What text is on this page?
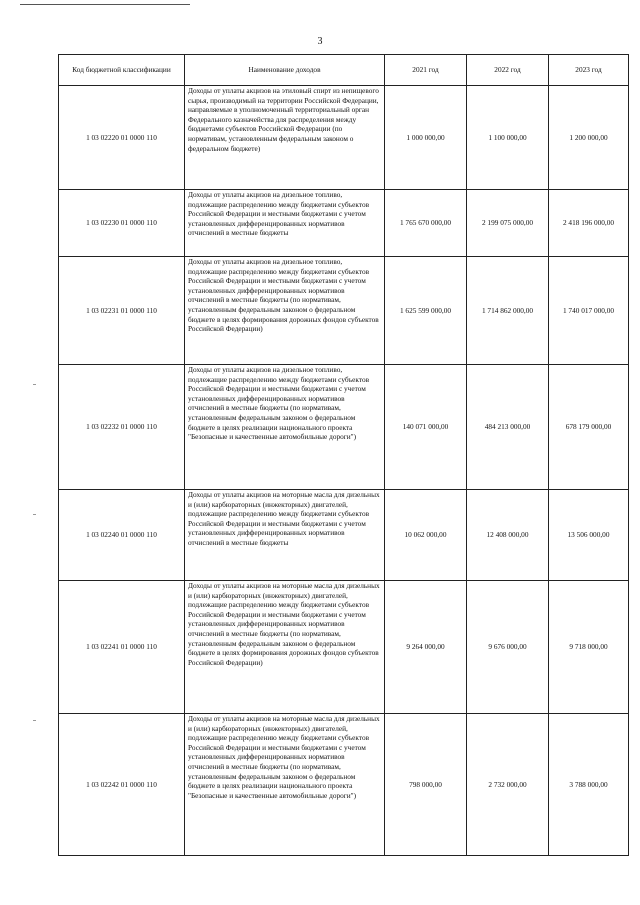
3
Код бюджетной классификации	Наименование доходов	2021 год	2022 год	2023 год
1 03 02220 01 0000 110	Доходы от уплаты акцизов на этиловый спирт из непищевого сырья, производимый на территории Российской Федерации, направляемые в уполномоченный территориальный орган Федерального казначейства для распределения между бюджетами субъектов Российской Федерации (по нормативам, установленным федеральным законом о федеральном бюджете)	1 000 000,00	1 100 000,00	1 200 000,00
1 03 02230 01 0000 110	Доходы от уплаты акцизов на дизельное топливо, подлежащие распределению между бюджетами субъектов Российской Федерации и местными бюджетами с учетом установленных дифференцированных нормативов отчислений в местные бюджеты	1 765 670 000,00	2 199 075 000,00	2 418 196 000,00
1 03 02231 01 0000 110	Доходы от уплаты акцизов на дизельное топливо, подлежащие распределению между бюджетами субъектов Российской Федерации и местными бюджетами с учетом установленных дифференцированных нормативов отчислений в местные бюджеты (по нормативам, установленным федеральным законом о федеральном бюджете в целях формирования дорожных фондов субъектов Российской Федерации)	1 625 599 000,00	1 714 862 000,00	1 740 017 000,00
1 03 02232 01 0000 110	Доходы от уплаты акцизов на дизельное топливо, подлежащие распределению между бюджетами субъектов Российской Федерации и местными бюджетами с учетом установленных дифференцированных нормативов отчислений в местные бюджеты (по нормативам, установленным федеральным законом о федеральном бюджете в целях реализации национального проекта "Безопасные и качественные автомобильные дороги")	140 071 000,00	484 213 000,00	678 179 000,00
1 03 02240 01 0000 110	Доходы от уплаты акцизов на моторные масла для дизельных и (или) карбюраторных (инжекторных) двигателей, подлежащие распределению между бюджетами субъектов Российской Федерации и местными бюджетами с учетом установленных дифференцированных нормативов отчислений в местные бюджеты	10 062 000,00	12 408 000,00	13 506 000,00
1 03 02241 01 0000 110	Доходы от уплаты акцизов на моторные масла для дизельных и (или) карбюраторных (инжекторных) двигателей, подлежащие распределению между бюджетами субъектов Российской Федерации и местными бюджетами с учетом установленных дифференцированных нормативов отчислений в местные бюджеты (по нормативам, установленным федеральным законом о федеральном бюджете в целях формирования дорожных фондов субъектов Российской Федерации)	9 264 000,00	9 676 000,00	9 718 000,00
1 03 02242 01 0000 110	Доходы от уплаты акцизов на моторные масла для дизельных и (или) карбюраторных (инжекторных) двигателей, подлежащие распределению между бюджетами субъектов Российской Федерации и местными бюджетами с учетом установленных дифференцированных нормативов отчислений в местные бюджеты (по нормативам, установленным федеральным законом о федеральном бюджете в целях реализации национального проекта "Безопасные и качественные автомобильные дороги")	798 000,00	2 732 000,00	3 788 000,00
